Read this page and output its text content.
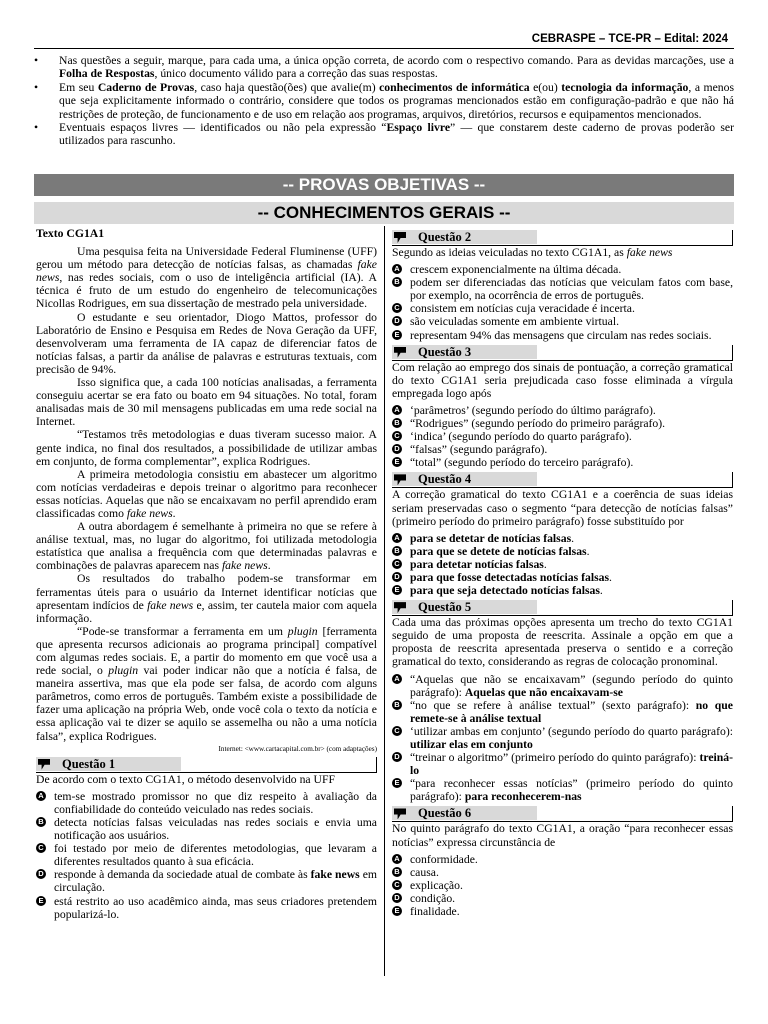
CEBRASPE – TCE-PR – Edital: 2024
• Nas questões a seguir, marque, para cada uma, a única opção correta, de acordo com o respectivo comando. Para as devidas marcações, use a Folha de Respostas, único documento válido para a correção das suas respostas.
• Em seu Caderno de Provas, caso haja questão(ões) que avalie(m) conhecimentos de informática e(ou) tecnologia da informação, a menos que seja explicitamente informado o contrário, considere que todos os programas mencionados estão em configuração-padrão e que não há restrições de proteção, de funcionamento e de uso em relação aos programas, arquivos, diretórios, recursos e equipamentos mencionados.
• Eventuais espaços livres — identificados ou não pela expressão “Espaço livre” — que constarem deste caderno de provas poderão ser utilizados para rascunho.
-- PROVAS OBJETIVAS --
-- CONHECIMENTOS GERAIS --
Texto CG1A1

Uma pesquisa feita na Universidade Federal Fluminense (UFF) gerou um método para detecção de notícias falsas, as chamadas fake news, nas redes sociais, com o uso de inteligência artificial (IA). A técnica é fruto de um estudo do engenheiro de telecomunicações Nicollas Rodrigues, em sua dissertação de mestrado pela universidade.

O estudante e seu orientador, Diogo Mattos, professor do Laboratório de Ensino e Pesquisa em Redes de Nova Geração da UFF, desenvolveram uma ferramenta de IA capaz de diferenciar fatos de notícias falsas, a partir da análise de palavras e estruturas textuais, com precisão de 94%.

Isso significa que, a cada 100 notícias analisadas, a ferramenta conseguiu acertar se era fato ou boato em 94 situações. No total, foram analisadas mais de 30 mil mensagens publicadas em uma rede social na Internet.

“Testamos três metodologias e duas tiveram sucesso maior. A gente indica, no final dos resultados, a possibilidade de utilizar ambas em conjunto, de forma complementar”, explica Rodrigues.

A primeira metodologia consistiu em abastecer um algoritmo com notícias verdadeiras e depois treinar o algoritmo para reconhecer essas notícias. Aquelas que não se encaixavam no perfil aprendido eram classificadas como fake news.

A outra abordagem é semelhante à primeira no que se refere à análise textual, mas, no lugar do algoritmo, foi utilizada metodologia estatística que analisa a frequência com que determinadas palavras e combinações de palavras aparecem nas fake news.

Os resultados do trabalho podem-se transformar em ferramentas úteis para o usuário da Internet identificar notícias que apresentam indícios de fake news e, assim, ter cautela maior com aquela informação.

“Pode-se transformar a ferramenta em um plugin [ferramenta que apresenta recursos adicionais ao programa principal] compatível com algumas redes sociais. E, a partir do momento em que você usa a rede social, o plugin vai poder indicar não que a notícia é falsa, de maneira assertiva, mas que ela pode ser falsa, de acordo com alguns parâmetros, como erros de português. Também existe a possibilidade de fazer uma aplicação na própria Web, onde você cola o texto da notícia e essa aplicação vai te dizer se aquilo se assemelha ou não a uma notícia falsa”, explica Rodrigues.

Internet: <www.cartacapital.com.br> (com adaptações)
Questão 1

De acordo com o texto CG1A1, o método desenvolvido na UFF

A tem-se mostrado promissor no que diz respeito à avaliação da confiabilidade do conteúdo veiculado nas redes sociais.

B detecta notícias falsas veiculadas nas redes sociais e envia uma notificação aos usuários.

C foi testado por meio de diferentes metodologias, que levaram a diferentes resultados quanto à sua eficácia.

D responde à demanda da sociedade atual de combate às fake news em circulação.

E está restrito ao uso acadêmico ainda, mas seus criadores pretendem popularizá-lo.

Questão 2

Segundo as ideias veiculadas no texto CG1A1, as fake news

A crescem exponencialmente na última década.

B podem ser diferenciadas das notícias que veiculam fatos com base, por exemplo, na ocorrência de erros de português.

C consistem em notícias cuja veracidade é incerta.

D são veiculadas somente em ambiente virtual.

E representam 94% das mensagens que circulam nas redes sociais.

Questão 3

Com relação ao emprego dos sinais de pontuação, a correção gramatical do texto CG1A1 seria prejudicada caso fosse eliminada a vírgula empregada logo após

A ‘parâmetros’ (segundo período do último parágrafo).

B “Rodrigues” (segundo período do primeiro parágrafo).

C ‘indica’ (segundo período do quarto parágrafo).

D “falsas” (segundo parágrafo).

E “total” (segundo período do terceiro parágrafo).

Questão 4

A correção gramatical do texto CG1A1 e a coerência de suas ideias seriam preservadas caso o segmento “para detecção de notícias falsas” (primeiro período do primeiro parágrafo) fosse substituído por

A para se detetar de notícias falsas.

B para que se detete de notícias falsas.

C para detetar notícias falsas.

D para que fosse detectadas notícias falsas.

E para que seja detectado notícias falsas.

Questão 5

Cada uma das próximas opções apresenta um trecho do texto CG1A1 seguido de uma proposta de reescrita. Assinale a opção em que a proposta de reescrita apresentada preserva o sentido e a correção gramatical do texto, considerando as regras de colocação pronominal.

A “Aquelas que não se encaixavam” (segundo período do quinto parágrafo): Aquelas que não encaixavam-se

B “no que se refere à análise textual” (sexto parágrafo): no que remete-se à análise textual

C ‘utilizar ambas em conjunto’ (segundo período do quarto parágrafo): utilizar elas em conjunto

D “treinar o algoritmo” (primeiro período do quinto parágrafo): treiná-lo

E “para reconhecer essas notícias” (primeiro período do quinto parágrafo): para reconhecerem-nas

Questão 6

No quinto parágrafo do texto CG1A1, a oração “para reconhecer essas notícias” expressa circunstância de

A conformidade.

B causa.

C explicação.

D condição.

E finalidade.
